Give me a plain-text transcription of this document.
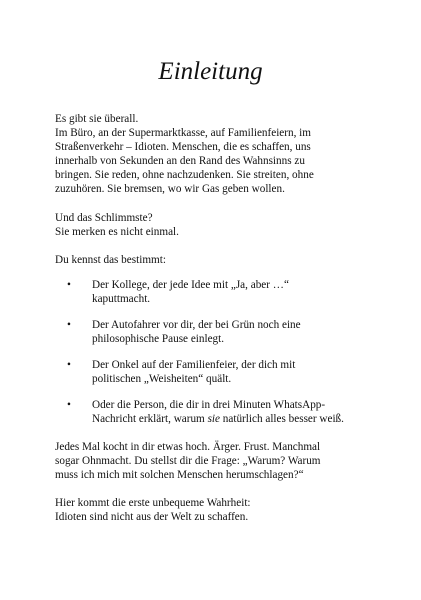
Einleitung

Es gibt sie überall.
Im Büro, an der Supermarktkasse, auf Familienfeiern, im
Straßenverkehr – Idioten. Menschen, die es schaffen, uns
innerhalb von Sekunden an den Rand des Wahnsinns zu
bringen. Sie reden, ohne nachzudenken. Sie streiten, ohne
zuzuhören. Sie bremsen, wo wir Gas geben wollen.

Und das Schlimmste?
Sie merken es nicht einmal.

Du kennst das bestimmt:

• Der Kollege, der jede Idee mit „Ja, aber …“
kaputtmacht.
• Der Autofahrer vor dir, der bei Grün noch eine
philosophische Pause einlegt.
• Der Onkel auf der Familienfeier, der dich mit
politischen „Weisheiten“ quält.
• Oder die Person, die dir in drei Minuten WhatsApp-
Nachricht erklärt, warum sie natürlich alles besser weiß.

Jedes Mal kocht in dir etwas hoch. Ärger. Frust. Manchmal
sogar Ohnmacht. Du stellst dir die Frage: „Warum? Warum
muss ich mich mit solchen Menschen herumschlagen?“

Hier kommt die erste unbequeme Wahrheit:
Idioten sind nicht aus der Welt zu schaffen.
